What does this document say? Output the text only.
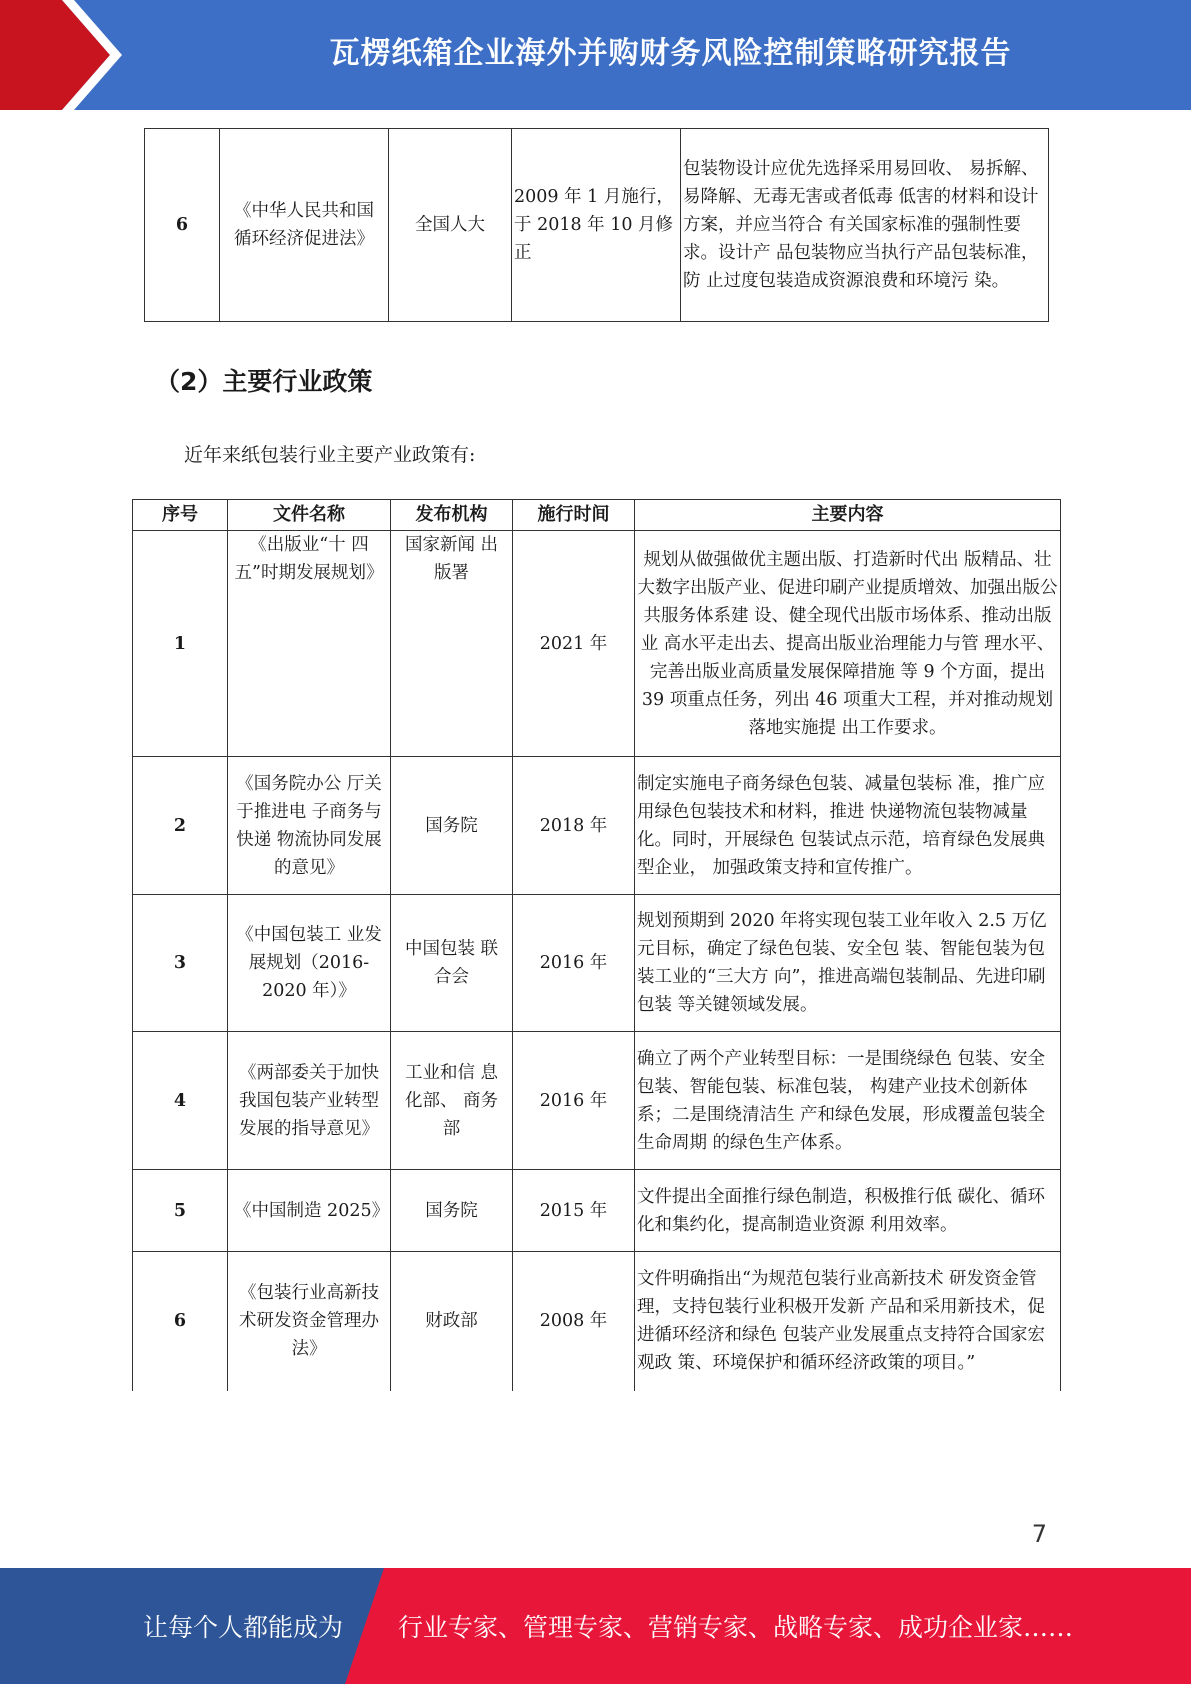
瓦楞纸箱企业海外并购财务风险控制策略研究报告
6	《中华人民共和国循环经济促进法》	全国人大	2009 年 1 月施行，于 2018 年 10 月修正	包装物设计应优先选择采用易回收、 易拆解、易降解、无毒无害或者低毒 低害的材料和设计方案，并应当符合 有关国家标准的强制性要求。设计产 品包装物应当执行产品包装标准，防 止过度包装造成资源浪费和环境污 染。
（2）主要行业政策
近年来纸包装行业主要产业政策有:
序号	文件名称	发布机构	施行时间	主要内容
1	《出版业“十 四五”时期发展规划》	国家新闻 出版署	2021 年	规划从做强做优主题出版、打造新时代出 版精品、壮大数字出版产业、促进印刷产业提质增效、加强出版公共服务体系建 设、健全现代出版市场体系、推动出版业 高水平走出去、提高出版业治理能力与管 理水平、完善出版业高质量发展保障措施 等 9 个方面，提出 39 项重点任务，列出 46 项重大工程，并对推动规划落地实施提 出工作要求。
2	《国务院办公 厅关于推进电 子商务与快递 物流协同发展 的意见》	国务院	2018 年	制定实施电子商务绿色包装、减量包装标 准，推广应用绿色包装技术和材料，推进 快递物流包装物减量化。同时，开展绿色 包装试点示范，培育绿色发展典型企业， 加强政策支持和宣传推广。
3	《中国包装工 业发展规划（2016-2020 年）》	中国包装 联合会	2016 年	规划预期到 2020 年将实现包装工业年收入 2.5 万亿元目标，确定了绿色包装、安全包 装、智能包装为包装工业的“三大方 向”，推进高端包装制品、先进印刷包装 等关键领域发展。
4	《两部委关于加快我国包装产业转型发展的指导意见》	工业和信 息化部、 商务部	2016 年	确立了两个产业转型目标：一是围绕绿色 包装、安全包装、智能包装、标准包装， 构建产业技术创新体系；二是围绕清洁生 产和绿色发展，形成覆盖包装全生命周期 的绿色生产体系。
5	《中国制造 2025》	国务院	2015 年	文件提出全面推行绿色制造，积极推行低 碳化、循环化和集约化，提高制造业资源 利用效率。
6	《包装行业高新技术研发资金管理办法》	财政部	2008 年	文件明确指出“为规范包装行业高新技术 研发资金管理，支持包装行业积极开发新 产品和采用新技术，促进循环经济和绿色 包装产业发展重点支持符合国家宏观政 策、环境保护和循环经济政策的项目。”
7
让每个人都能成为 行业专家、管理专家、营销专家、战略专家、成功企业家……
